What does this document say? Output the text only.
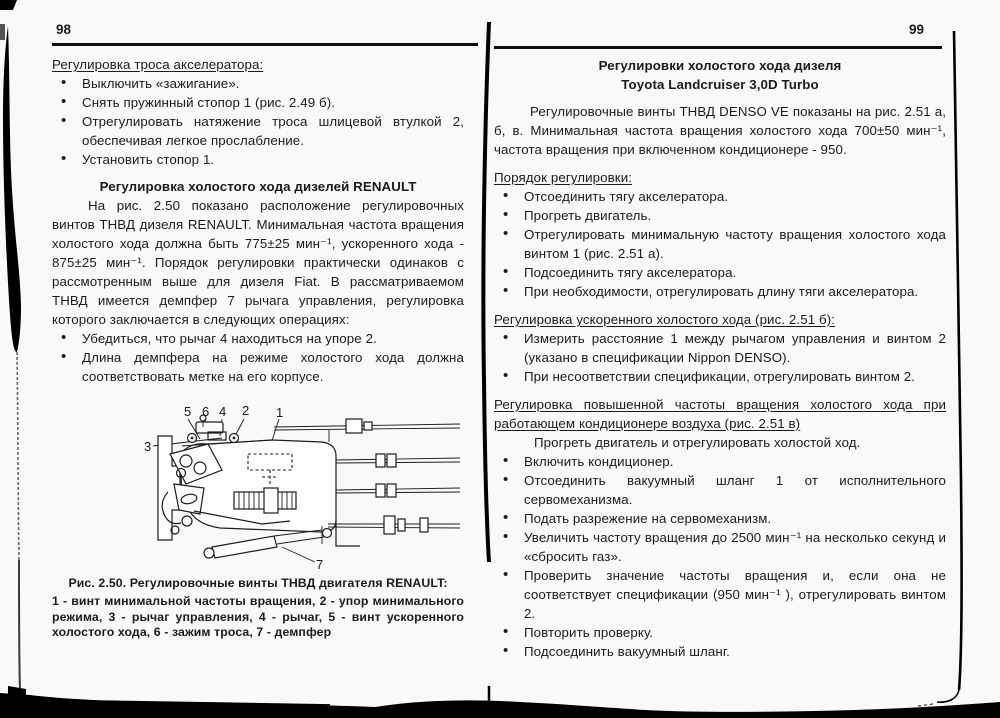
98	99
Регулировка троса акселератора:
• Выключить «зажигание».
• Снять пружинный стопор 1 (рис. 2.49 б).
• Отрегулировать натяжение троса шлицевой втулкой 2, обеспечивая легкое прослабление.
• Установить стопор 1.
Регулировка холостого хода дизелей RENAULT
На рис. 2.50 показано расположение регулировочных винтов ТНВД дизеля RENAULT. Минимальная частота вращения холостого хода должна быть 775±25 мин⁻¹, ускоренного хода - 875±25 мин⁻¹. Порядок регулировки практически одинаков с рассмотренным выше для дизеля Fiat. В рассматриваемом ТНВД имеется демпфер 7 рычага управления, регулировка которого заключается в следующих операциях:
• Убедиться, что рычаг 4 находиться на упоре 2.
• Длина демпфера на режиме холостого хода должна соответствовать метке на его корпусе.
5 6 4 2 1
3
7
Рис. 2.50. Регулировочные винты ТНВД двигателя RENAULT:
1 - винт минимальной частоты вращения, 2 - упор минимального режима, 3 - рычаг управления, 4 - рычаг, 5 - винт ускоренного холостого хода, 6 - зажим троса, 7 - демпфер
Регулировки холостого хода дизеля
Toyota Landcruiser 3,0D Turbo
Регулировочные винты ТНВД DENSO VE показаны на рис. 2.51 а, б, в. Минимальная частота вращения холостого хода 700±50 мин⁻¹, частота вращения при включенном кондиционере - 950.
Порядок регулировки:
• Отсоединить тягу акселератора.
• Прогреть двигатель.
• Отрегулировать минимальную частоту вращения холостого хода винтом 1 (рис. 2.51 а).
• Подсоединить тягу акселератора.
• При необходимости, отрегулировать длину тяги акселератора.
Регулировка ускоренного холостого хода (рис. 2.51 б):
• Измерить расстояние 1 между рычагом управления и винтом 2 (указано в спецификации Nippon DENSO).
• При несоответствии спецификации, отрегулировать винтом 2.
Регулировка повышенной частоты вращения холостого хода при работающем кондиционере воздуха (рис. 2.51 в)
Прогреть двигатель и отрегулировать холостой ход.
• Включить кондиционер.
• Отсоединить вакуумный шланг 1 от исполнительного сервомеханизма.
• Подать разрежение на сервомеханизм.
• Увеличить частоту вращения до 2500 мин⁻¹ на несколько секунд и «сбросить газ».
• Проверить значение частоты вращения и, если она не соответствует спецификации (950 мин⁻¹ ), отрегулировать винтом 2.
• Повторить проверку.
• Подсоединить вакуумный шланг.
